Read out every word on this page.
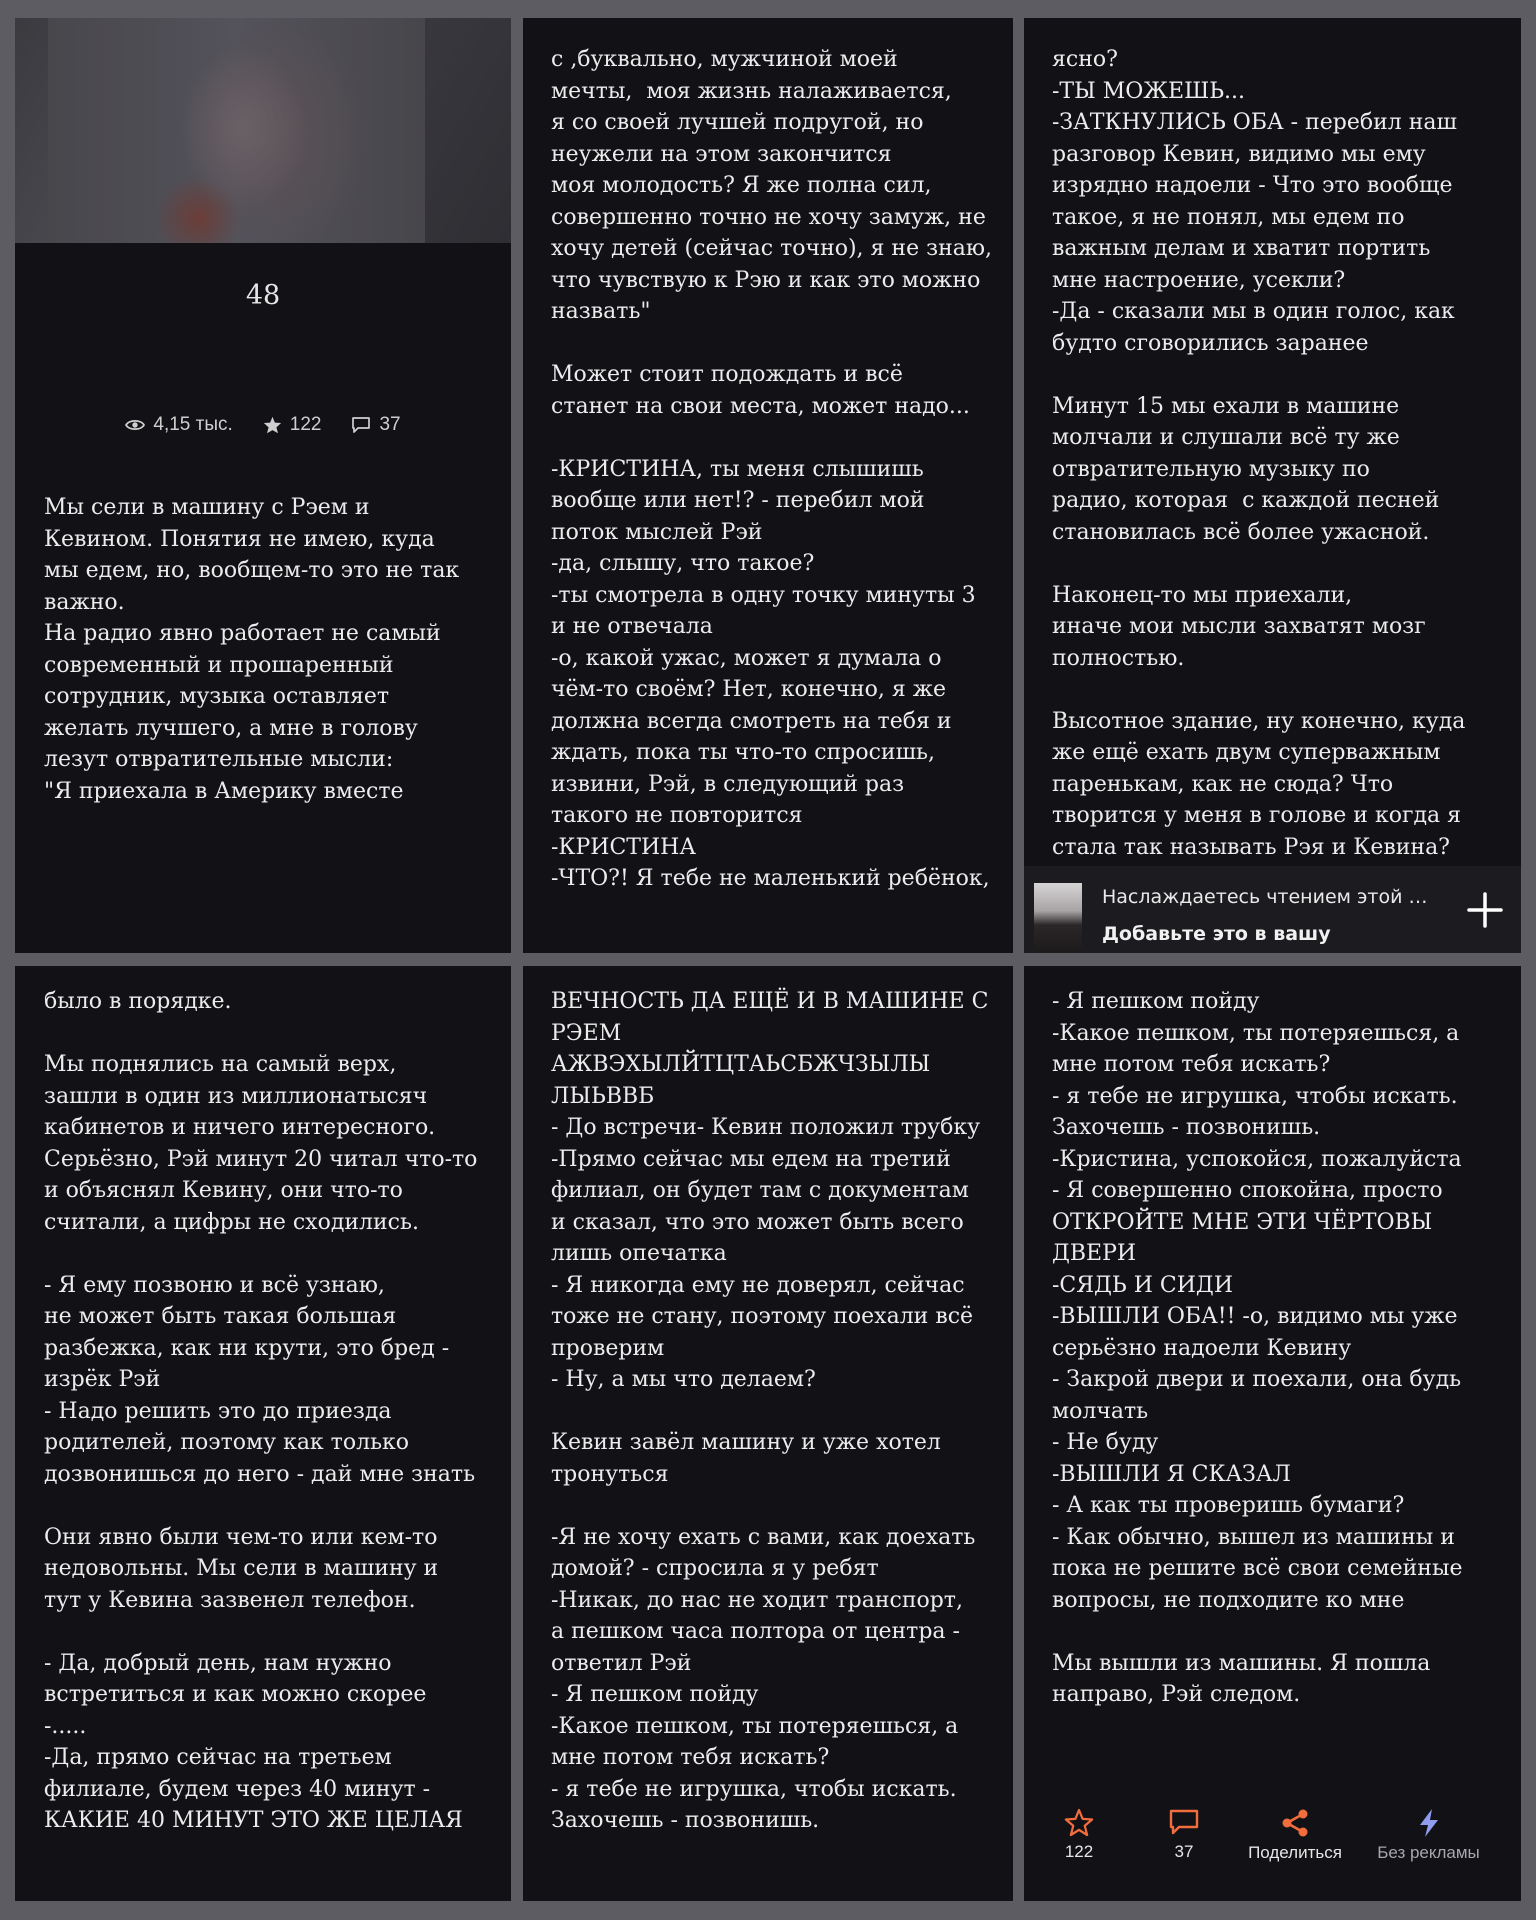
48
4,15 тыс.	122	37
Мы сели в машину с Рэем и
Кевином. Понятия не имею, куда
мы едем, но, вообщем-то это не так
важно.
На радио явно работает не самый
современный и прошаренный
сотрудник, музыка оставляет
желать лучшего, а мне в голову
лезут отвратительные мысли:
"Я приехала в Америку вместе
с ,буквально, мужчиной моей
мечты,  моя жизнь налаживается,
я со своей лучшей подругой, но
неужели на этом закончится
моя молодость? Я же полна сил,
совершенно точно не хочу замуж, не
хочу детей (сейчас точно), я не знаю,
что чувствую к Рэю и как это можно
назвать"

Может стоит подождать и всё
станет на свои места, может надо...

-КРИСТИНА, ты меня слышишь
вообще или нет!? - перебил мой
поток мыслей Рэй
-да, слышу, что такое?
-ты смотрела в одну точку минуты 3
и не отвечала
-о, какой ужас, может я думала о
чём-то своём? Нет, конечно, я же
должна всегда смотреть на тебя и
ждать, пока ты что-то спросишь,
извини, Рэй, в следующий раз
такого не повторится
-КРИСТИНА
-ЧТО?! Я тебе не маленький ребёнок,
ясно?
-ТЫ МОЖЕШЬ...
-ЗАТКНУЛИСЬ ОБА - перебил наш
разговор Кевин, видимо мы ему
изрядно надоели - Что это вообще
такое, я не понял, мы едем по
важным делам и хватит портить
мне настроение, усекли?
-Да - сказали мы в один голос, как
будто сговорились заранее

Минут 15 мы ехали в машине
молчали и слушали всё ту же
отвратительную музыку по
радио, которая  с каждой песней
становилась всё более ужасной.

Наконец-то мы приехали,
иначе мои мысли захватят мозг
полностью.

Высотное здание, ну конечно, куда
же ещё ехать двум суперважным
паренькам, как не сюда? Что
творится у меня в голове и когда я
стала так называть Рэя и Кевина?
Наслаждаетесь чтением этой …
Добавьте это в вашу
было в порядке.

Мы поднялись на самый верх,
зашли в один из миллионатысяч
кабинетов и ничего интересного.
Серьёзно, Рэй минут 20 читал что-то
и объяснял Кевину, они что-то
считали, а цифры не сходились.

- Я ему позвоню и всё узнаю,
не может быть такая большая
разбежка, как ни крути, это бред -
изрёк Рэй
- Надо решить это до приезда
родителей, поэтому как только
дозвонишься до него - дай мне знать

Они явно были чем-то или кем-то
недовольны. Мы сели в машину и
тут у Кевина зазвенел телефон.

- Да, добрый день, нам нужно
встретиться и как можно скорее
-.....
-Да, прямо сейчас на третьем
филиале, будем через 40 минут -
КАКИЕ 40 МИНУТ ЭТО ЖЕ ЦЕЛАЯ
ВЕЧНОСТЬ ДА ЕЩЁ И В МАШИНЕ С
РЭЕМ АЖВЭХЫЛЙТЦТАЬСБЖЧЗЫЛЫ
ЛЫЬВВБ
- До встречи- Кевин положил трубку
-Прямо сейчас мы едем на третий
филиал, он будет там с документам
и сказал, что это может быть всего
лишь опечатка
- Я никогда ему не доверял, сейчас
тоже не стану, поэтому поехали всё
проверим
- Ну, а мы что делаем?

Кевин завёл машину и уже хотел
тронуться

-Я не хочу ехать с вами, как доехать
домой? - спросила я у ребят
-Никак, до нас не ходит транспорт,
а пешком часа полтора от центра -
ответил Рэй
- Я пешком пойду
-Какое пешком, ты потеряешься, а
мне потом тебя искать?
- я тебе не игрушка, чтобы искать.
Захочешь - позвонишь.
- Я пешком пойду
-Какое пешком, ты потеряешься, а
мне потом тебя искать?
- я тебе не игрушка, чтобы искать.
Захочешь - позвонишь.
-Кристина, успокойся, пожалуйста
- Я совершенно спокойна, просто
ОТКРОЙТЕ МНЕ ЭТИ ЧЁРТОВЫ
ДВЕРИ
-СЯДЬ И СИДИ
-ВЫШЛИ ОБА!! -о, видимо мы уже
серьёзно надоели Кевину
- Закрой двери и поехали, она будь
молчать
- Не буду
-ВЫШЛИ Я СКАЗАЛ
- А как ты проверишь бумаги?
- Как обычно, вышел из машины и
пока не решите всё свои семейные
вопросы, не подходите ко мне

Мы вышли из машины. Я пошла
направо, Рэй следом.
122	37	Поделиться Без рекламы
